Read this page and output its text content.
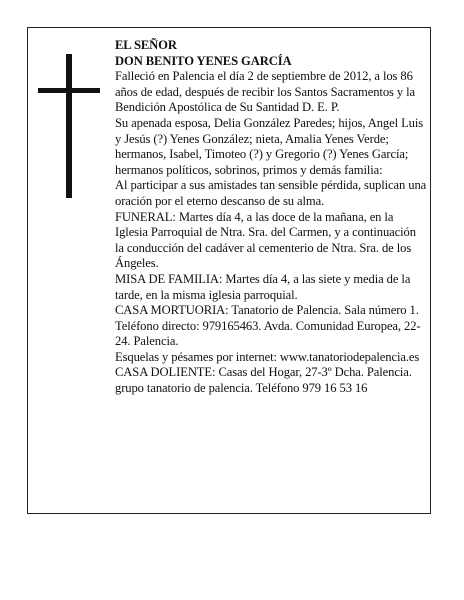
EL SEÑOR

DON BENITO YENES GARCÍA

Falleció en Palencia el día 2 de septiembre de 2012, a los 86 años de edad, después de recibir los Santos Sacramentos y la Bendición Apostólica de Su Santidad D. E. P.

Su apenada esposa, Delia González Paredes; hijos, Angel Luis y Jesús (?) Yenes González; nieta, Amalia Yenes Verde; hermanos, Isabel, Timoteo (?) y Gregorio (?) Yenes García; hermanos políticos, sobrinos, primos y demás familia:

Al participar a sus amistades tan sensible pérdida, suplican una oración por el eterno descanso de su alma.

FUNERAL: Martes día 4, a las doce de la mañana, en la Iglesia Parroquial de Ntra. Sra. del Carmen, y a continuación la conducción del cadáver al cementerio de Ntra. Sra. de los Ángeles.

MISA DE FAMILIA: Martes día 4, a las siete y media de la tarde, en la misma iglesia parroquial.

CASA MORTUORIA: Tanatorio de Palencia. Sala número 1. Teléfono directo: 979165463. Avda. Comunidad Europea, 22-24. Palencia.

Esquelas y pésames por internet: www.tanatoriodepalencia.es

CASA DOLIENTE: Casas del Hogar, 27-3º Dcha. Palencia.

grupo tanatorio de palencia. Teléfono 979 16 53 16
